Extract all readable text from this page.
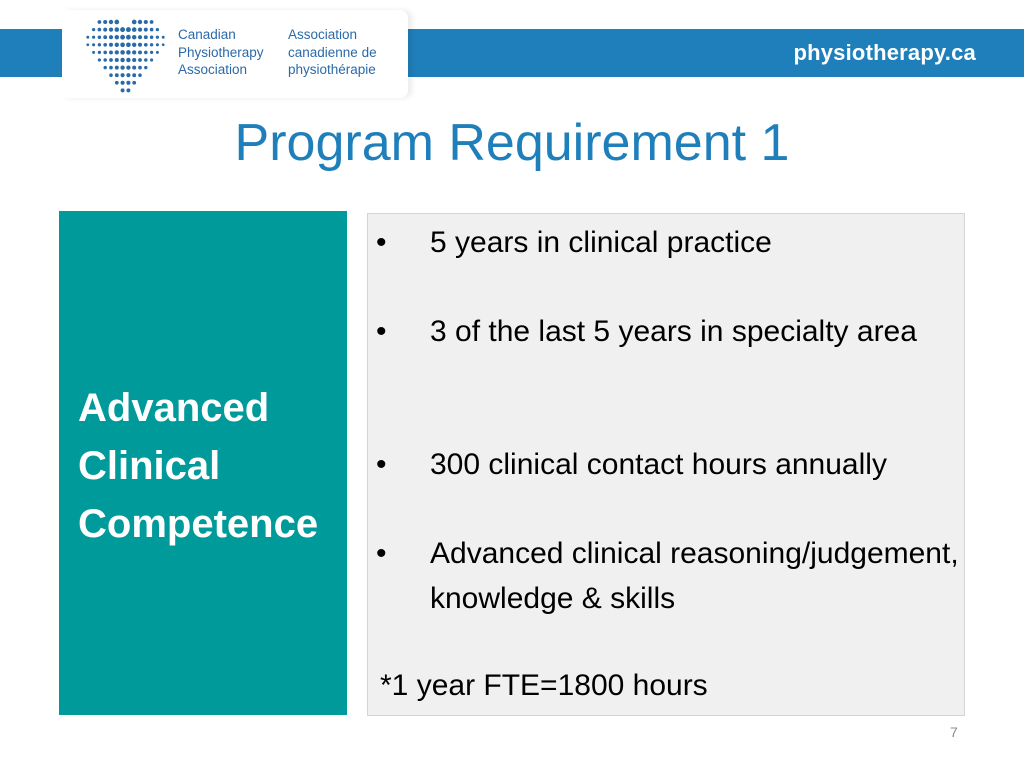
Canadian
Physiotherapy
Association
Association
canadienne de
physiothérapie
physiotherapy.ca
Program Requirement 1
Advanced
Clinical
Competence
• 5 years in clinical practice
• 3 of the last 5 years in specialty area
• 300 clinical contact hours annually
• Advanced clinical reasoning/judgement, knowledge & skills
*1 year FTE=1800 hours
7
